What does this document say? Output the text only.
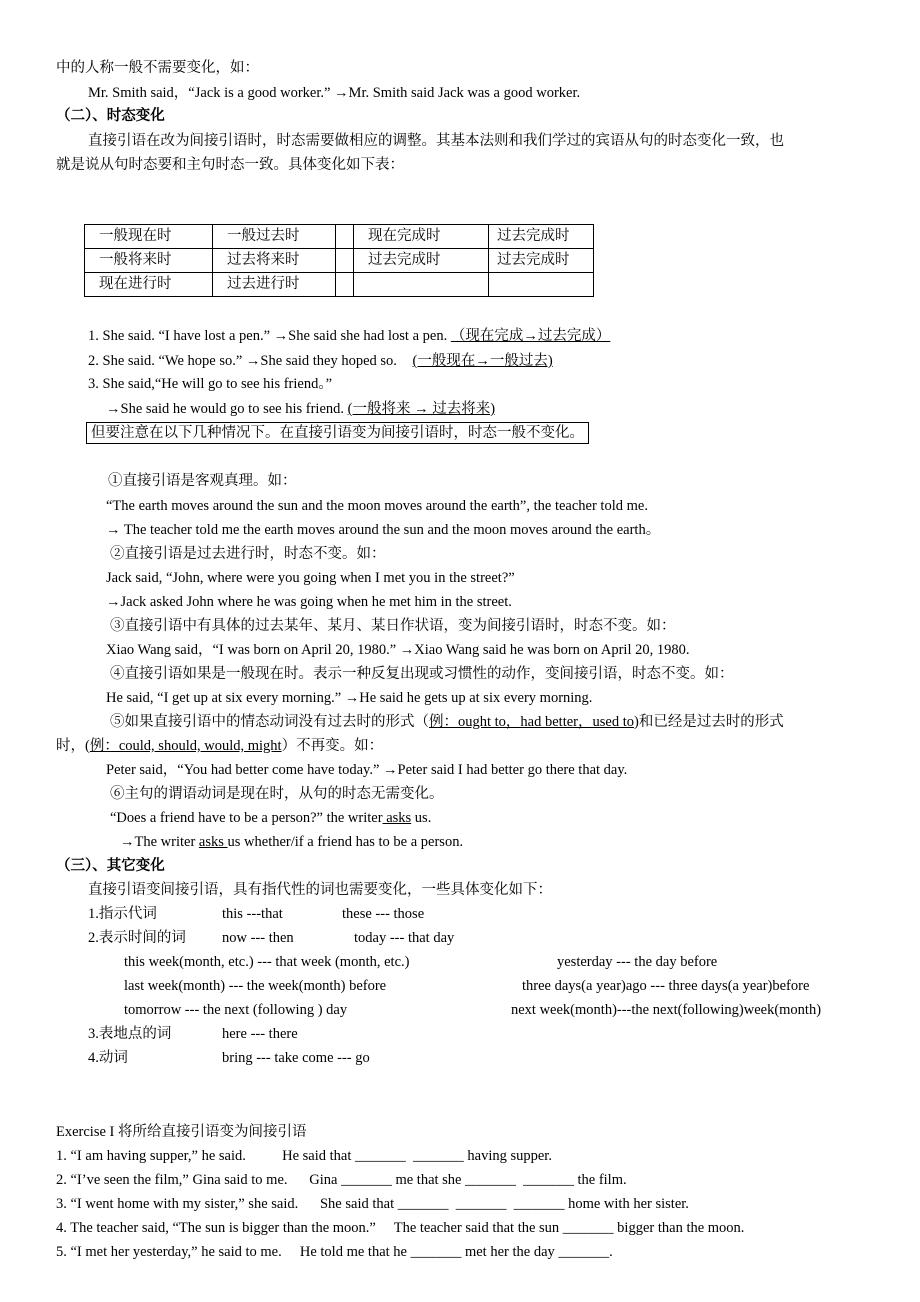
中的人称一般不需要变化，如：
Mr. Smith said，“Jack is a good worker.” →Mr. Smith said Jack was a good worker.
（二）、时态变化
直接引语在改为间接引语时，时态需要做相应的调整。其基本法则和我们学过的宾语从句的时态变化一致，也
就是说从句时态要和主句时态一致。具体变化如下表：
一般现在时	一般过去时		现在完成时	过去完成时
一般将来时	过去将来时		过去完成时	过去完成时
现在进行时	过去进行时			
1. She said. “I have lost a pen.” →She said she had lost a pen. （现在完成→过去完成）
2. She said. “We hope so.” →She said they hoped so. (一般现在→一般过去)
3. She said,“He will go to see his friend。”
→She said he would go to see his friend. (一般将来 → 过去将来)
但要注意在以下几种情况下。在直接引语变为间接引语时，时态一般不变化。
①直接引语是客观真理。如：
“The earth moves around the sun and the moon moves around the earth”, the teacher told me.
→ The teacher told me the earth moves around the sun and the moon moves around the earth。
②直接引语是过去进行时，时态不变。如：
Jack said, “John, where were you going when I met you in the street?”
→Jack asked John where he was going when he met him in the street.
③直接引语中有具体的过去某年、某月、某日作状语，变为间接引语时，时态不变。如：
Xiao Wang said，“I was born on April 20, 1980.” →Xiao Wang said he was born on April 20, 1980.
④直接引语如果是一般现在时。表示一种反复出现或习惯性的动作，变间接引语，时态不变。如：
He said, “I get up at six every morning.” →He said he gets up at six every morning.
⑤如果直接引语中的情态动词没有过去时的形式（例：ought to，had better，used to)和已经是过去时的形式
时，(例：could, should, would, might）不再变。如：
Peter said，“You had better come have today.” →Peter said I had better go there that day.
⑥主句的谓语动词是现在时，从句的时态无需变化。
“Does a friend have to be a person?” the writer asks us.
→The writer asks us whether/if a friend has to be a person.
（三）、其它变化
直接引语变间接引语，具有指代性的词也需要变化，一些具体变化如下：
1.指示代词	this ---that	these --- those
2.表示时间的词 now --- then	today --- that day
this week(month, etc.) --- that week (month, etc.)	yesterday --- the day before
last week(month) --- the week(month) before	three days(a year)ago --- three days(a year)before
tomorrow --- the next (following ) day	next week(month)---the next(following)week(month)
3.表地点的词	here --- there
4.动词	bring --- take come --- go
Exercise I 将所给直接引语变为间接引语
1. “I am having supper,” he said.          He said that _______  _______ having supper.
2. “I’ve seen the film,” Gina said to me.      Gina _______ me that she _______  _______ the film.
3. “I went home with my sister,” she said.      She said that _______  _______  _______ home with her sister.
4. The teacher said, “The sun is bigger than the moon.”     The teacher said that the sun _______ bigger than the moon.
5. “I met her yesterday,” he said to me.     He told me that he _______ met her the day _______.
